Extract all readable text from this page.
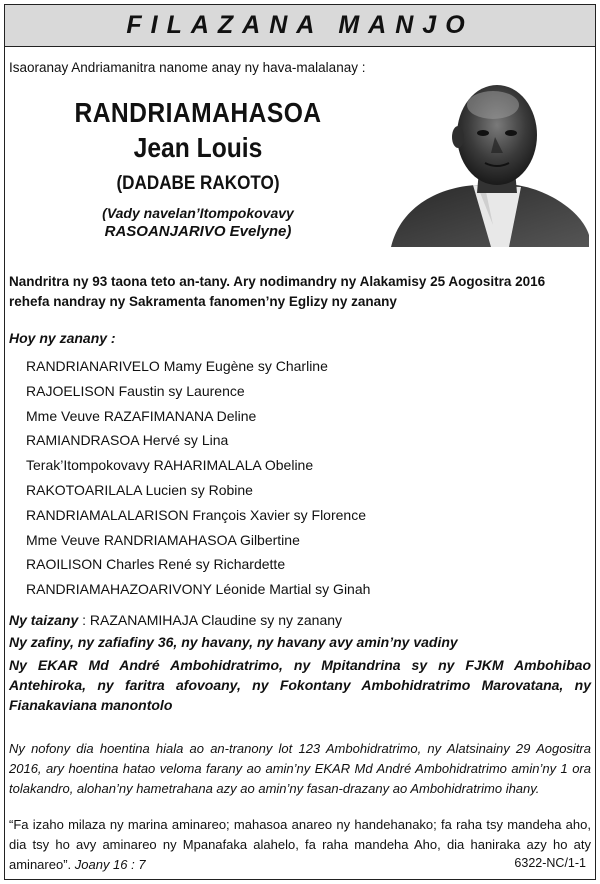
FILAZANA MANJO
Isaoranay Andriamanitra nanome anay ny hava-malalanay :
RANDRIAMAHASOA
Jean Louis
(DADABE RAKOTO)
(Vady navelan’Itompokovavy
RASOANJARIVO Evelyne)
Nandritra ny 93 taona teto an-tany. Ary nodimandry ny Alakamisy 25 Aogositra 2016 rehefa nandray ny Sakramenta fanomen’ny Eglizy ny zanany
Hoy ny zanany :
RANDRIANARIVELO Mamy Eugène sy Charline
RAJOELISON Faustin sy Laurence
Mme Veuve RAZAFIMANANA Deline
RAMIANDRASOA Hervé sy Lina
Terak’Itompokovavy RAHARIMALALA Obeline
RAKOTOARILALA Lucien sy Robine
RANDRIAMALALARISON François Xavier sy Florence
Mme Veuve RANDRIAMAHASOA Gilbertine
RAOILISON Charles René sy Richardette
RANDRIAMAHAZOARIVONY Léonide Martial sy Ginah
Ny taizany : RAZANAMIHAJA Claudine sy ny zanany
Ny zafiny, ny zafiafiny 36, ny havany, ny havany avy amin’ny vadiny
Ny EKAR Md André Ambohidratrimo, ny Mpitandrina sy ny FJKM Ambohibao Antehiroka, ny faritra afovoany, ny Fokontany Ambohidratrimo Marovatana, ny Fianakaviana manontolo
Ny nofony dia hoentina hiala ao an-tranony lot 123 Ambohidratrimo, ny Alatsinainy 29 Aogositra 2016, ary hoentina hatao veloma farany ao amin’ny EKAR Md André Ambohidratrimo amin’ny 1 ora tolakandro, alohan’ny hametrahana azy ao amin’ny fasan-drazany ao Ambohidratrimo ihany.
“Fa izaho milaza ny marina aminareo; mahasoa anareo ny handehanako; fa raha tsy mandeha aho, dia tsy ho avy aminareo ny Mpanafaka alahelo, fa raha mandeha Aho, dia haniraka azy ho aty aminareo”. Joany 16 : 7	6322-NC/1-1
